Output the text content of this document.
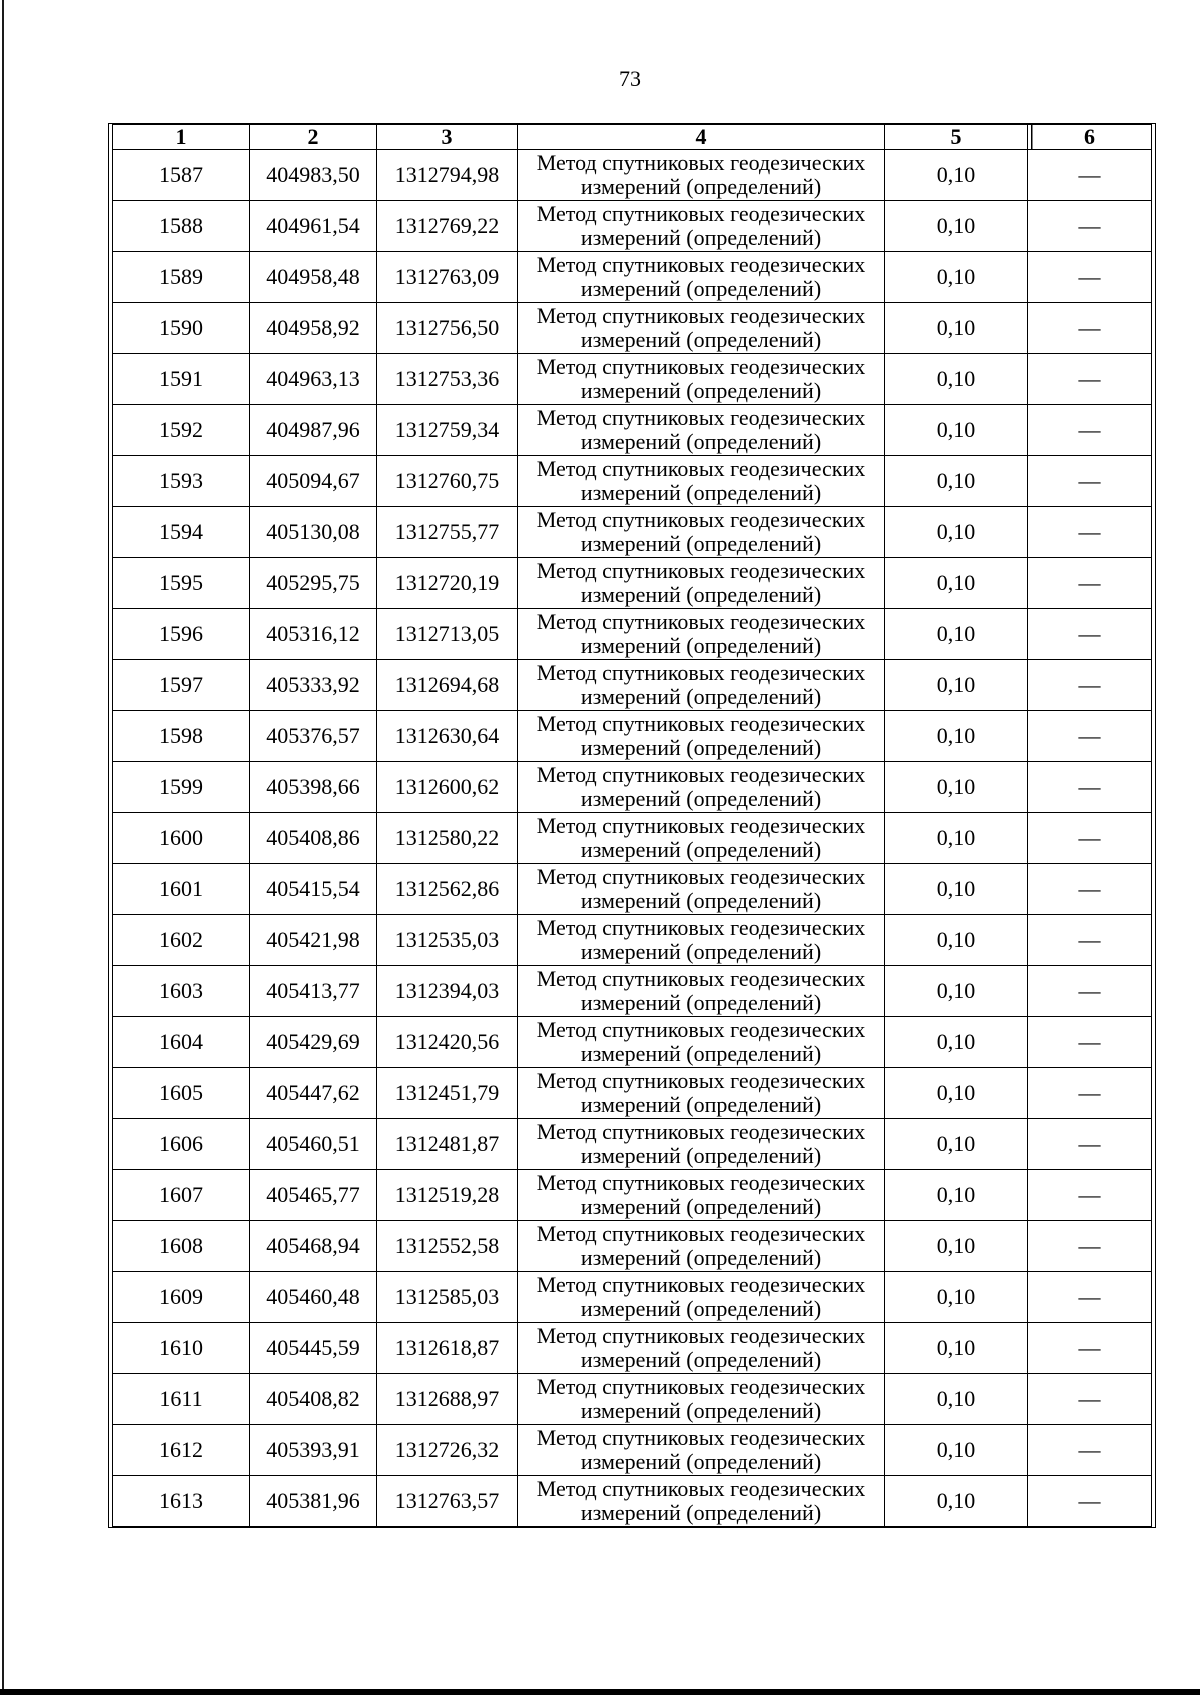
73
1	2	3	4	5	6
1587	404983,50	1312794,98	Метод спутниковых геодезических измерений (определений)	0,10	—
1588	404961,54	1312769,22	Метод спутниковых геодезических измерений (определений)	0,10	—
1589	404958,48	1312763,09	Метод спутниковых геодезических измерений (определений)	0,10	—
1590	404958,92	1312756,50	Метод спутниковых геодезических измерений (определений)	0,10	—
1591	404963,13	1312753,36	Метод спутниковых геодезических измерений (определений)	0,10	—
1592	404987,96	1312759,34	Метод спутниковых геодезических измерений (определений)	0,10	—
1593	405094,67	1312760,75	Метод спутниковых геодезических измерений (определений)	0,10	—
1594	405130,08	1312755,77	Метод спутниковых геодезических измерений (определений)	0,10	—
1595	405295,75	1312720,19	Метод спутниковых геодезических измерений (определений)	0,10	—
1596	405316,12	1312713,05	Метод спутниковых геодезических измерений (определений)	0,10	—
1597	405333,92	1312694,68	Метод спутниковых геодезических измерений (определений)	0,10	—
1598	405376,57	1312630,64	Метод спутниковых геодезических измерений (определений)	0,10	—
1599	405398,66	1312600,62	Метод спутниковых геодезических измерений (определений)	0,10	—
1600	405408,86	1312580,22	Метод спутниковых геодезических измерений (определений)	0,10	—
1601	405415,54	1312562,86	Метод спутниковых геодезических измерений (определений)	0,10	—
1602	405421,98	1312535,03	Метод спутниковых геодезических измерений (определений)	0,10	—
1603	405413,77	1312394,03	Метод спутниковых геодезических измерений (определений)	0,10	—
1604	405429,69	1312420,56	Метод спутниковых геодезических измерений (определений)	0,10	—
1605	405447,62	1312451,79	Метод спутниковых геодезических измерений (определений)	0,10	—
1606	405460,51	1312481,87	Метод спутниковых геодезических измерений (определений)	0,10	—
1607	405465,77	1312519,28	Метод спутниковых геодезических измерений (определений)	0,10	—
1608	405468,94	1312552,58	Метод спутниковых геодезических измерений (определений)	0,10	—
1609	405460,48	1312585,03	Метод спутниковых геодезических измерений (определений)	0,10	—
1610	405445,59	1312618,87	Метод спутниковых геодезических измерений (определений)	0,10	—
1611	405408,82	1312688,97	Метод спутниковых геодезических измерений (определений)	0,10	—
1612	405393,91	1312726,32	Метод спутниковых геодезических измерений (определений)	0,10	—
1613	405381,96	1312763,57	Метод спутниковых геодезических измерений (определений)	0,10	—
